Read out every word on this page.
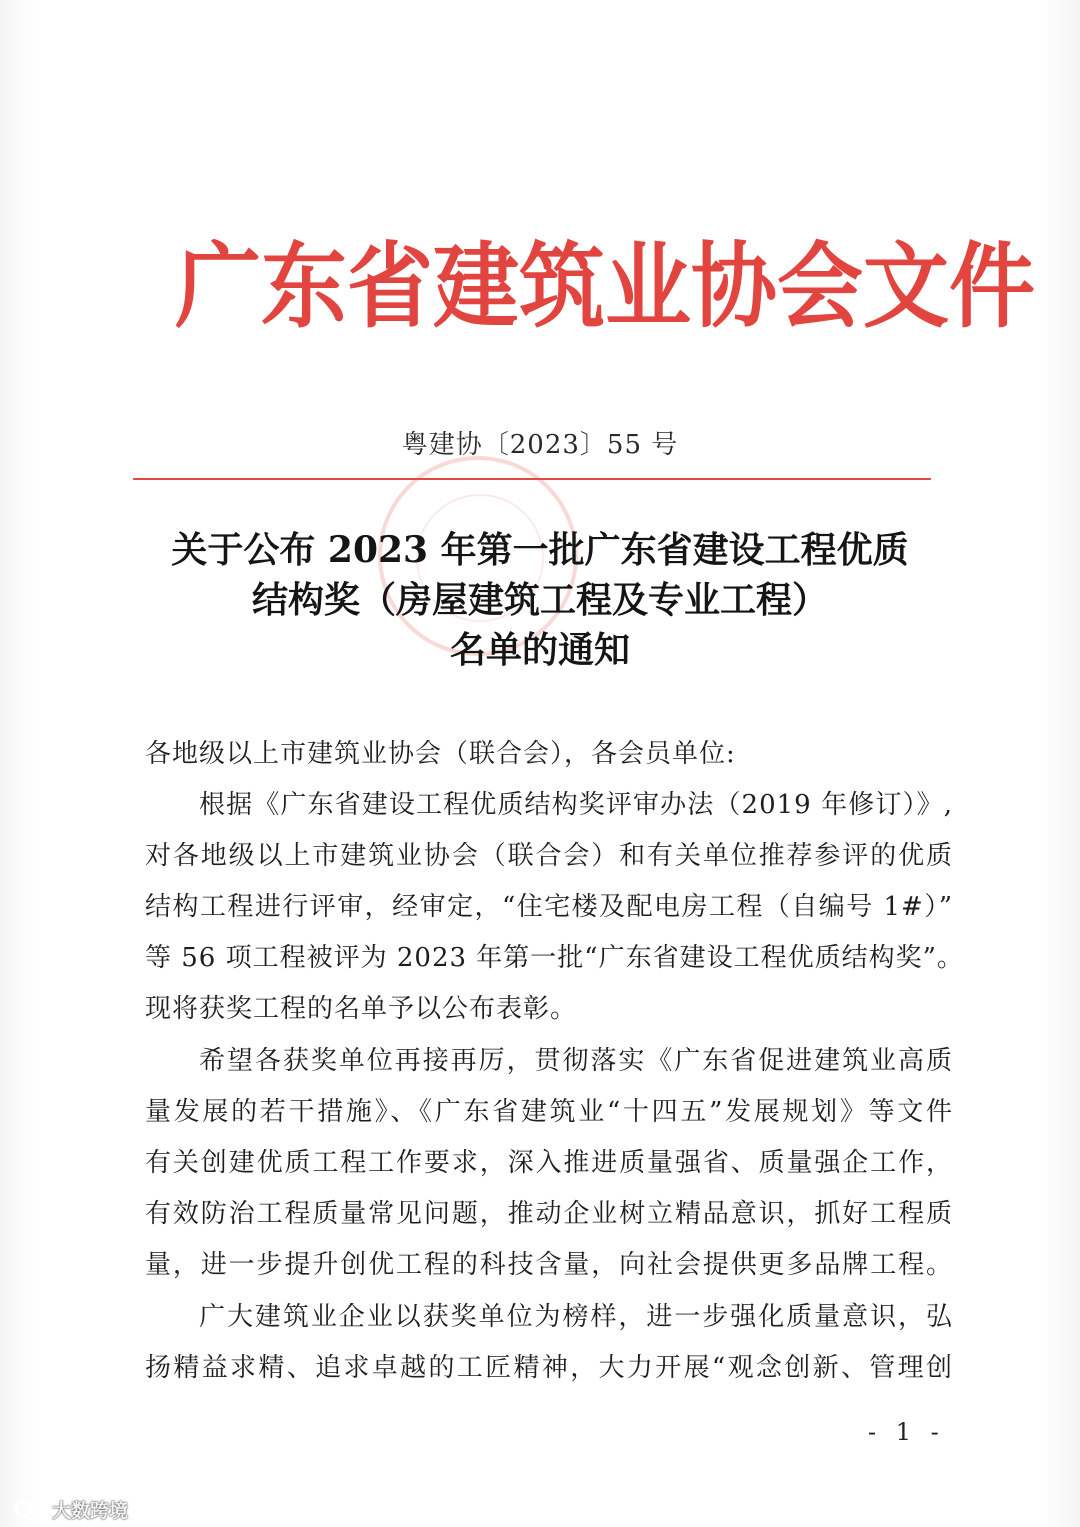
广 东 省 建 筑 业 协 会 文 件
粤建协〔2023〕55 号
关于公布 2023 年第一批广东省建设工程优质
结构奖（房屋建筑工程及专业工程）
名单的通知
各地级以上市建筑业协会（联合会），各会员单位:
根据《广东省建设工程优质结构奖评审办法（2019 年修订）》,
对各地级以上市建筑业协会（联合会）和有关单位推荐参评的优质
结构工程进行评审，经审定，“住宅楼及配电房工程（自编号 1#）”
等 56 项工程被评为 2023 年第一批“广东省建设工程优质结构奖”。
现将获奖工程的名单予以公布表彰。
希望各获奖单位再接再厉，贯彻落实《广东省促进建筑业高质
量发展的若干措施》、《广东省建筑业“十四五”发展规划》等文件
有关创建优质工程工作要求，深入推进质量强省、质量强企工作，
有效防治工程质量常见问题，推动企业树立精品意识，抓好工程质
量，进一步提升创优工程的科技含量，向社会提供更多品牌工程。
广大建筑业企业以获奖单位为榜样，进一步强化质量意识，弘
扬精益求精、追求卓越的工匠精神，大力开展“观念创新、管理创
- 1 -
大数跨境
